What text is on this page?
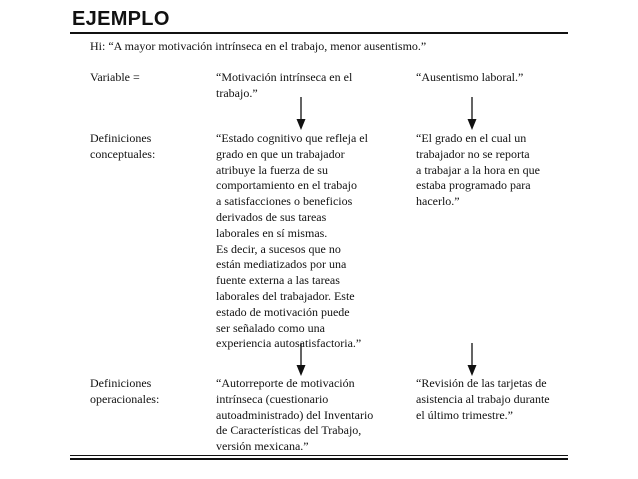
EJEMPLO
Hi: “A mayor motivación intrínseca en el trabajo, menor ausentismo.”
Variable =	“Motivación intrínseca en el
trabajo.”
“Ausentismo laboral.”
Definiciones
conceptuales:
“Estado cognitivo que refleja el
grado en que un trabajador
atribuye la fuerza de su
comportamiento en el trabajo
a satisfacciones o beneficios
derivados de sus tareas
laborales en sí mismas.
Es decir, a sucesos que no
están mediatizados por una
fuente externa a las tareas
laborales del trabajador. Este
estado de motivación puede
ser señalado como una
experiencia autosatisfactoria.”
“El grado en el cual un
trabajador no se reporta
a trabajar a la hora en que
estaba programado para
hacerlo.”
Definiciones
operacionales:
“Autorreporte de motivación
intrínseca (cuestionario
autoadministrado) del Inventario
de Características del Trabajo,
versión mexicana.”
“Revisión de las tarjetas de
asistencia al trabajo durante
el último trimestre.”
